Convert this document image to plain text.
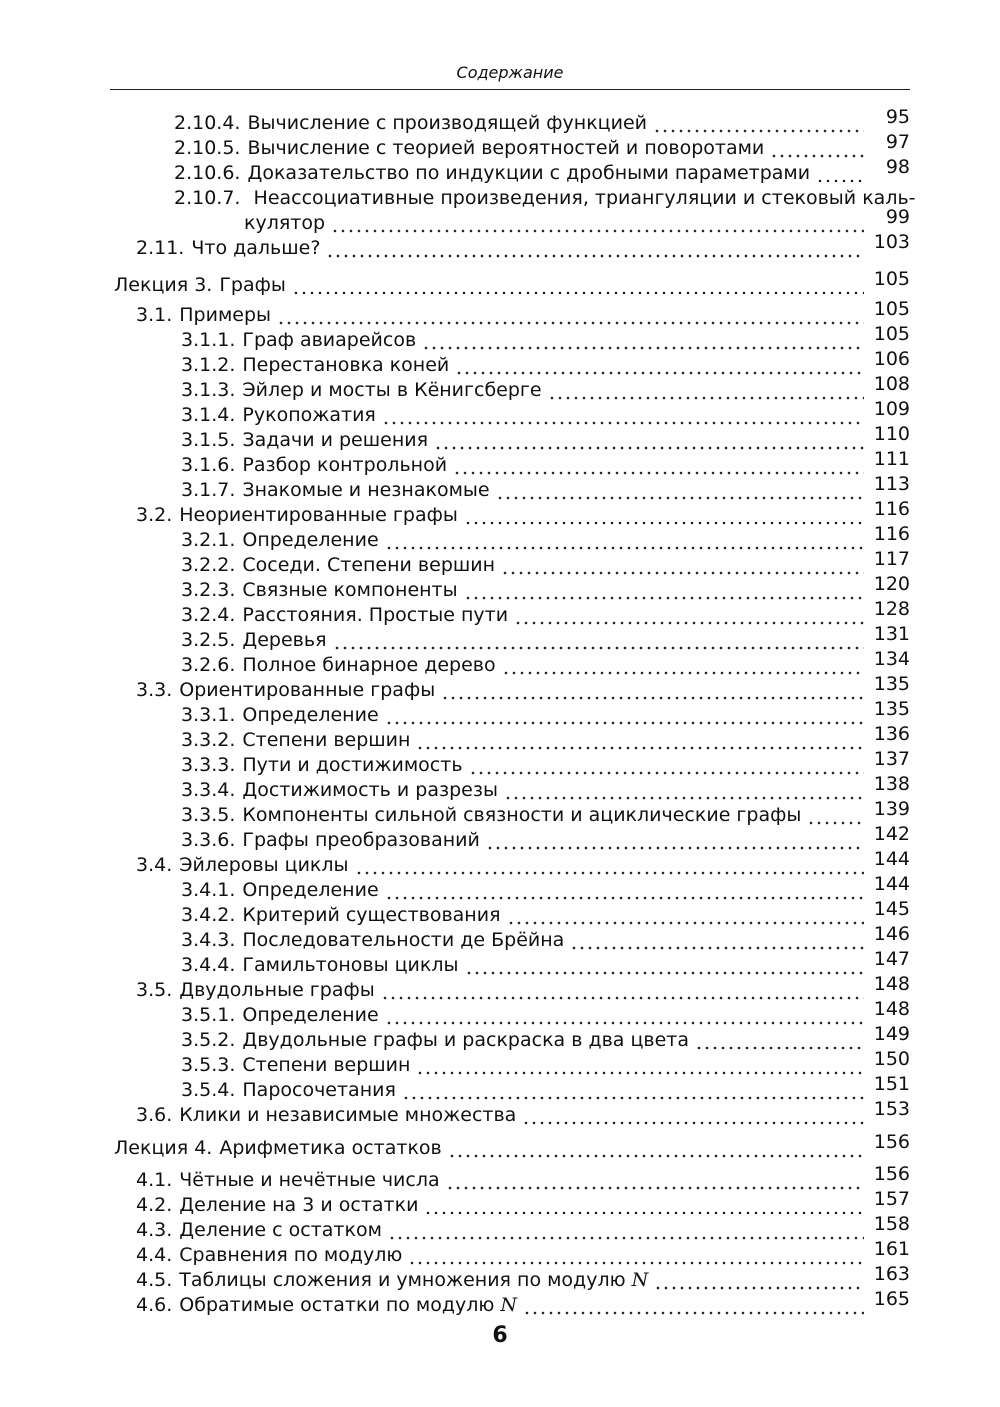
Содержание
2.10.4. Вычисление с производящей функцией	95
2.10.5. Вычисление с теорией вероятностей и поворотами	97
2.10.6. Доказательство по индукции с дробными параметрами	98
2.10.7. Неассоциативные произведения, триангуляции и стековый каль-
кулятор	99
2.11. Что дальше?	103
Лекция 3. Графы	105
3.1. Примеры	105
3.1.1. Граф авиарейсов	105
3.1.2. Перестановка коней	106
3.1.3. Эйлер и мосты в Кёнигсберге	108
3.1.4. Рукопожатия	109
3.1.5. Задачи и решения	110
3.1.6. Разбор контрольной	111
3.1.7. Знакомые и незнакомые	113
3.2. Неориентированные графы	116
3.2.1. Определение	116
3.2.2. Соседи. Степени вершин	117
3.2.3. Связные компоненты	120
3.2.4. Расстояния. Простые пути	128
3.2.5. Деревья	131
3.2.6. Полное бинарное дерево	134
3.3. Ориентированные графы	135
3.3.1. Определение	135
3.3.2. Степени вершин	136
3.3.3. Пути и достижимость	137
3.3.4. Достижимость и разрезы	138
3.3.5. Компоненты сильной связности и ациклические графы	139
3.3.6. Графы преобразований	142
3.4. Эйлеровы циклы	144
3.4.1. Определение	144
3.4.2. Критерий существования	145
3.4.3. Последовательности де Брёйна	146
3.4.4. Гамильтоновы циклы	147
3.5. Двудольные графы	148
3.5.1. Определение	148
3.5.2. Двудольные графы и раскраска в два цвета	149
3.5.3. Степени вершин	150
3.5.4. Паросочетания	151
3.6. Клики и независимые множества	153
Лекция 4. Арифметика остатков	156
4.1. Чётные и нечётные числа	156
4.2. Деление на 3 и остатки	157
4.3. Деление с остатком	158
4.4. Сравнения по модулю	161
4.5. Таблицы сложения и умножения по модулю N	163
4.6. Обратимые остатки по модулю N	165
6
